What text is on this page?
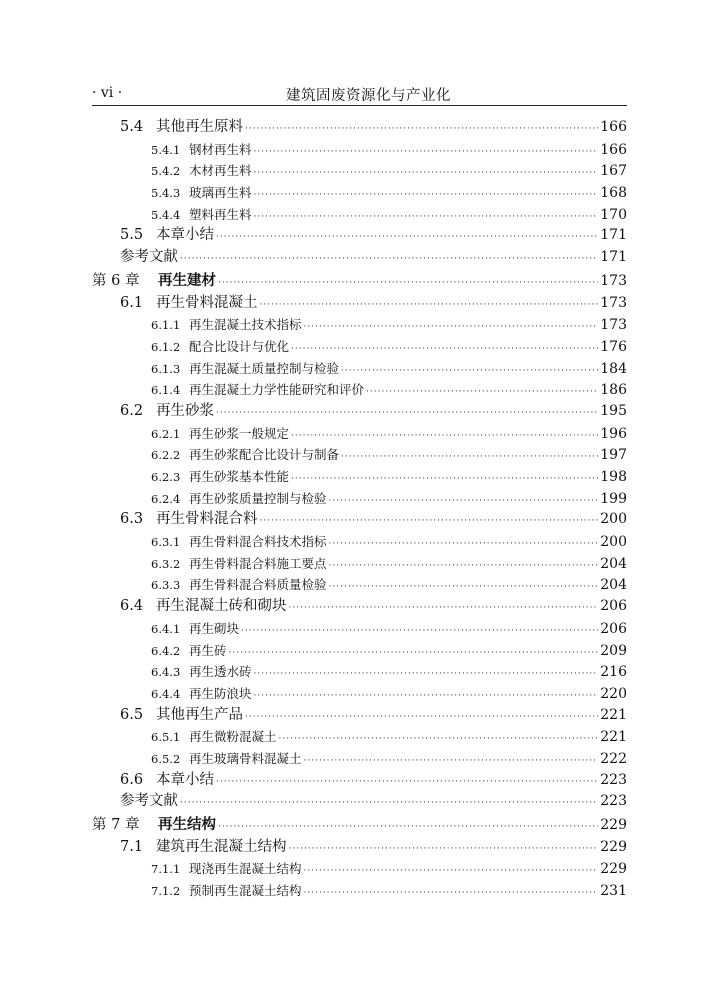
· vi ·	建筑固废资源化与产业化
5.4 其他再生原料 ·····	166
5.4.1 钢材再生料 ·····	166
5.4.2 木材再生料 ·····	167
5.4.3 玻璃再生料 ·····	168
5.4.4 塑料再生料 ·····	170
5.5 本章小结 ·····	171
参考文献 ·····	171
第 6 章	再生建材 ·····	173
6.1 再生骨料混凝土 ·····	173
6.1.1 再生混凝土技术指标 ·····	173
6.1.2 配合比设计与优化 ·····	176
6.1.3 再生混凝土质量控制与检验 ·····	184
6.1.4 再生混凝土力学性能研究和评价 ·····	186
6.2 再生砂浆 ·····	195
6.2.1 再生砂浆一般规定 ·····	196
6.2.2 再生砂浆配合比设计与制备 ·····	197
6.2.3 再生砂浆基本性能 ·····	198
6.2.4 再生砂浆质量控制与检验 ·····	199
6.3 再生骨料混合料 ·····	200
6.3.1 再生骨料混合料技术指标 ·····	200
6.3.2 再生骨料混合料施工要点 ·····	204
6.3.3 再生骨料混合料质量检验 ·····	204
6.4 再生混凝土砖和砌块 ·····	206
6.4.1 再生砌块 ·····	206
6.4.2 再生砖 ·····	209
6.4.3 再生透水砖 ·····	216
6.4.4 再生防浪块 ·····	220
6.5 其他再生产品 ·····	221
6.5.1 再生微粉混凝土 ·····	221
6.5.2 再生玻璃骨料混凝土 ·····	222
6.6 本章小结 ·····	223
参考文献 ·····	223
第 7 章	再生结构 ·····	229
7.1 建筑再生混凝土结构 ·····	229
7.1.1 现浇再生混凝土结构 ·····	229
7.1.2 预制再生混凝土结构 ·····	231
